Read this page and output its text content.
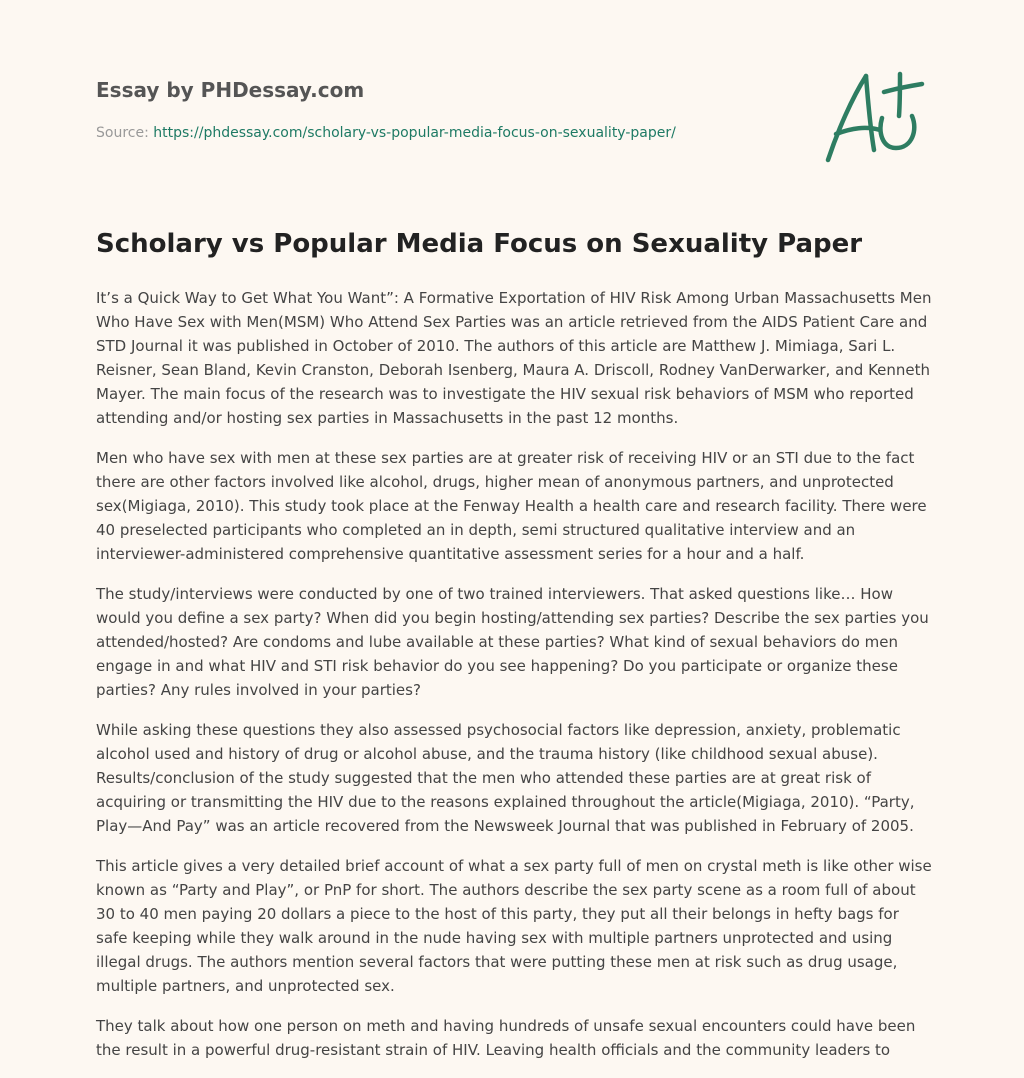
Essay by PHDessay.com
Source: https://phdessay.com/scholary-vs-popular-media-focus-on-sexuality-paper/
Scholary vs Popular Media Focus on Sexuality Paper

It’s a Quick Way to Get What You Want”: A Formative Exportation of HIV Risk Among Urban Massachusetts Men Who Have Sex with Men(MSM) Who Attend Sex Parties was an article retrieved from the AIDS Patient Care and STD Journal it was published in October of 2010. The authors of this article are Matthew J. Mimiaga, Sari L. Reisner, Sean Bland, Kevin Cranston, Deborah Isenberg, Maura A. Driscoll, Rodney VanDerwarker, and Kenneth Mayer. The main focus of the research was to investigate the HIV sexual risk behaviors of MSM who reported attending and/or hosting sex parties in Massachusetts in the past 12 months.

Men who have sex with men at these sex parties are at greater risk of receiving HIV or an STI due to the fact there are other factors involved like alcohol, drugs, higher mean of anonymous partners, and unprotected sex(Migiaga, 2010). This study took place at the Fenway Health a health care and research facility. There were 40 preselected participants who completed an in depth, semi structured qualitative interview and an interviewer-administered comprehensive quantitative assessment series for a hour and a half.

The study/interviews were conducted by one of two trained interviewers. That asked questions like… How would you define a sex party? When did you begin hosting/attending sex parties? Describe the sex parties you attended/hosted? Are condoms and lube available at these parties? What kind of sexual behaviors do men engage in and what HIV and STI risk behavior do you see happening? Do you participate or organize these parties? Any rules involved in your parties?

While asking these questions they also assessed psychosocial factors like depression, anxiety, problematic alcohol used and history of drug or alcohol abuse, and the trauma history (like childhood sexual abuse). Results/conclusion of the study suggested that the men who attended these parties are at great risk of acquiring or transmitting the HIV due to the reasons explained throughout the article(Migiaga, 2010). “Party, Play—And Pay” was an article recovered from the Newsweek Journal that was published in February of 2005.

This article gives a very detailed brief account of what a sex party full of men on crystal meth is like other wise known as “Party and Play”, or PnP for short. The authors describe the sex party scene as a room full of about 30 to 40 men paying 20 dollars a piece to the host of this party, they put all their belongs in hefty bags for safe keeping while they walk around in the nude having sex with multiple partners unprotected and using illegal drugs. The authors mention several factors that were putting these men at risk such as drug usage, multiple partners, and unprotected sex.

They talk about how one person on meth and having hundreds of unsafe sexual encounters could have been the result in a powerful drug-resistant strain of HIV. Leaving health officials and the community leaders to
